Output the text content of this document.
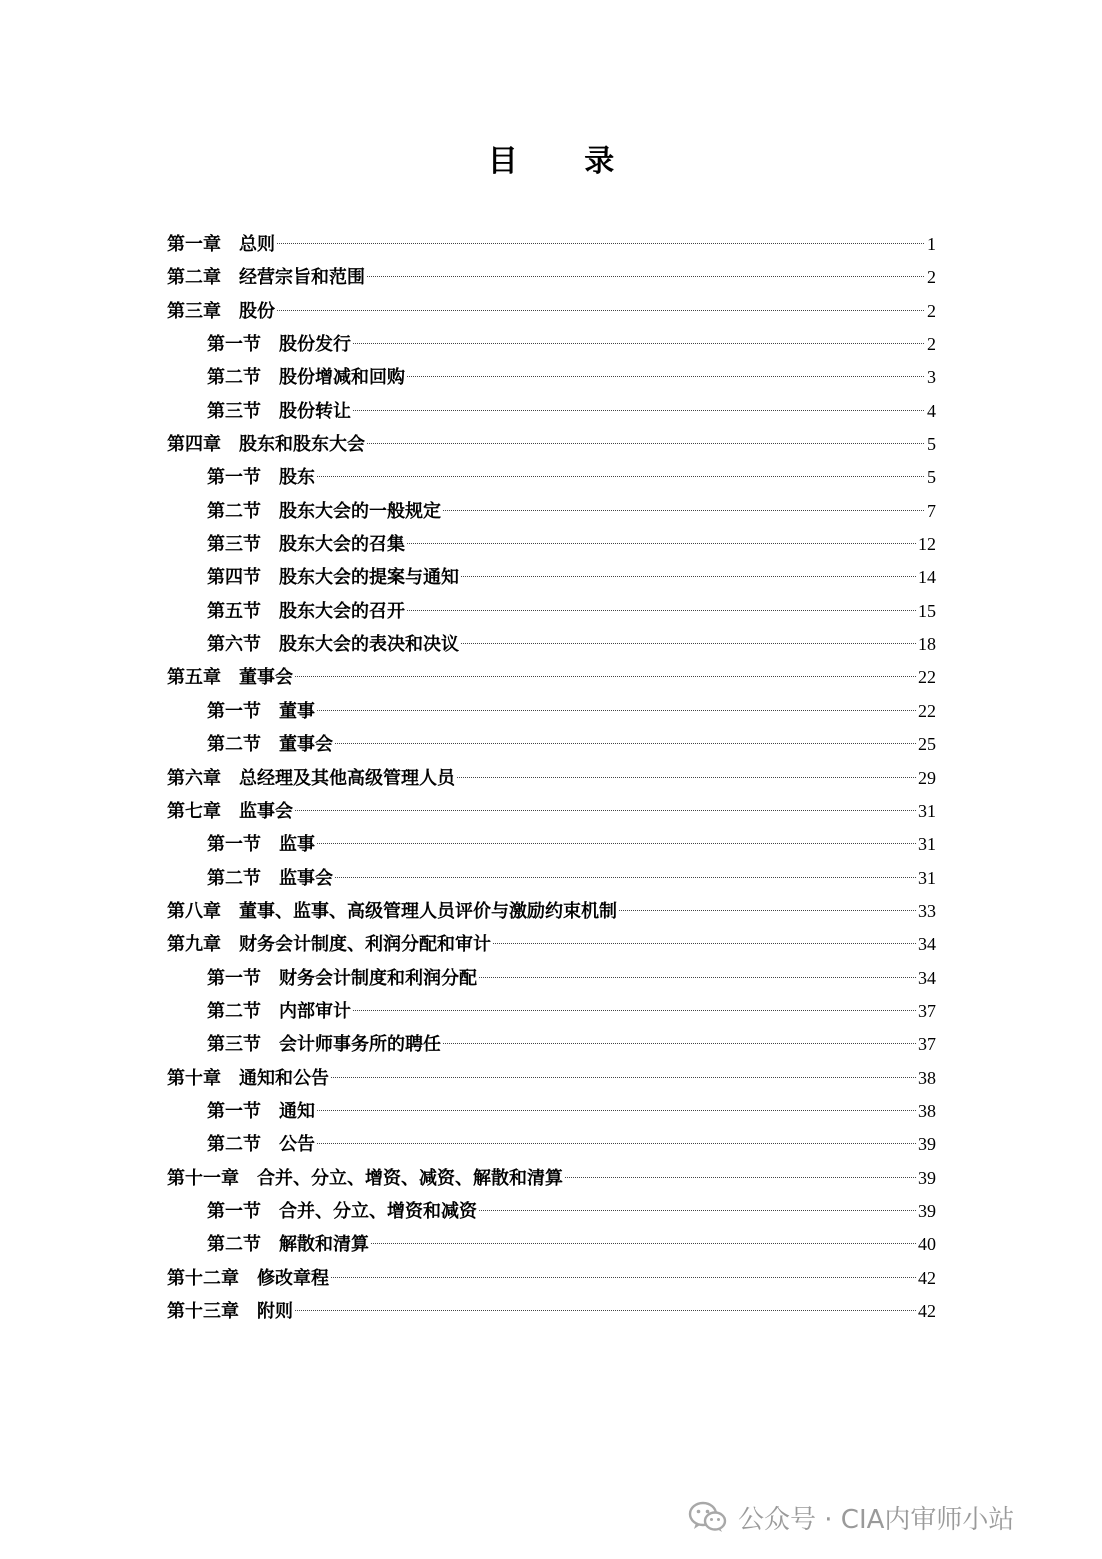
目 录
第一章 总则	1
第二章 经营宗旨和范围	2
第三章 股份	2
第一节 股份发行	2
第二节 股份增减和回购	3
第三节 股份转让	4
第四章 股东和股东大会	5
第一节 股东	5
第二节 股东大会的一般规定	7
第三节 股东大会的召集	12
第四节 股东大会的提案与通知	14
第五节 股东大会的召开	15
第六节 股东大会的表决和决议	18
第五章 董事会	22
第一节 董事	22
第二节 董事会	25
第六章 总经理及其他高级管理人员	29
第七章 监事会	31
第一节 监事	31
第二节 监事会	31
第八章 董事、监事、高级管理人员评价与激励约束机制	33
第九章 财务会计制度、利润分配和审计	34
第一节 财务会计制度和利润分配	34
第二节 内部审计	37
第三节 会计师事务所的聘任	37
第十章 通知和公告	38
第一节 通知	38
第二节 公告	39
第十一章 合并、分立、增资、减资、解散和清算	39
第一节 合并、分立、增资和减资	39
第二节 解散和清算	40
第十二章 修改章程	42
第十三章 附则	42
公众号 · CIA内审师小站
